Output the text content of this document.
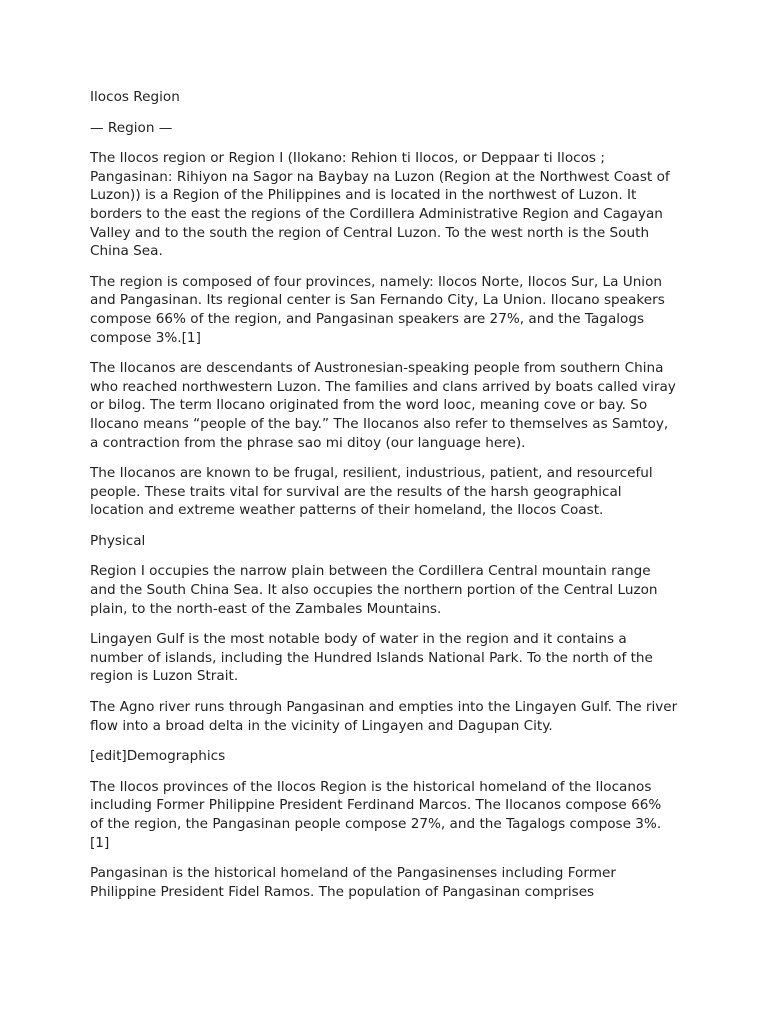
Ilocos Region

— Region —

The Ilocos region or Region I (Ilokano: Rehion ti Ilocos, or Deppaar ti Ilocos ;

Pangasinan: Rihiyon na Sagor na Baybay na Luzon (Region at the Northwest Coast of

Luzon)) is a Region of the Philippines and is located in the northwest of Luzon. It

borders to the east the regions of the Cordillera Administrative Region and Cagayan

Valley and to the south the region of Central Luzon. To the west north is the South

China Sea.

The region is composed of four provinces, namely: Ilocos Norte, Ilocos Sur, La Union

and Pangasinan. Its regional center is San Fernando City, La Union. Ilocano speakers

compose 66% of the region, and Pangasinan speakers are 27%, and the Tagalogs

compose 3%.[1]

The Ilocanos are descendants of Austronesian-speaking people from southern China

who reached northwestern Luzon. The families and clans arrived by boats called viray

or bilog. The term Ilocano originated from the word looc, meaning cove or bay. So

Ilocano means “people of the bay.” The Ilocanos also refer to themselves as Samtoy,

a contraction from the phrase sao mi ditoy (our language here).

The Ilocanos are known to be frugal, resilient, industrious, patient, and resourceful

people. These traits vital for survival are the results of the harsh geographical

location and extreme weather patterns of their homeland, the Ilocos Coast.

Physical

Region I occupies the narrow plain between the Cordillera Central mountain range

and the South China Sea. It also occupies the northern portion of the Central Luzon

plain, to the north-east of the Zambales Mountains.

Lingayen Gulf is the most notable body of water in the region and it contains a

number of islands, including the Hundred Islands National Park. To the north of the

region is Luzon Strait.

The Agno river runs through Pangasinan and empties into the Lingayen Gulf. The river

flow into a broad delta in the vicinity of Lingayen and Dagupan City.

[edit]Demographics

The Ilocos provinces of the Ilocos Region is the historical homeland of the Ilocanos

including Former Philippine President Ferdinand Marcos. The Ilocanos compose 66%

of the region, the Pangasinan people compose 27%, and the Tagalogs compose 3%.

[1]

Pangasinan is the historical homeland of the Pangasinenses including Former

Philippine President Fidel Ramos. The population of Pangasinan comprises
